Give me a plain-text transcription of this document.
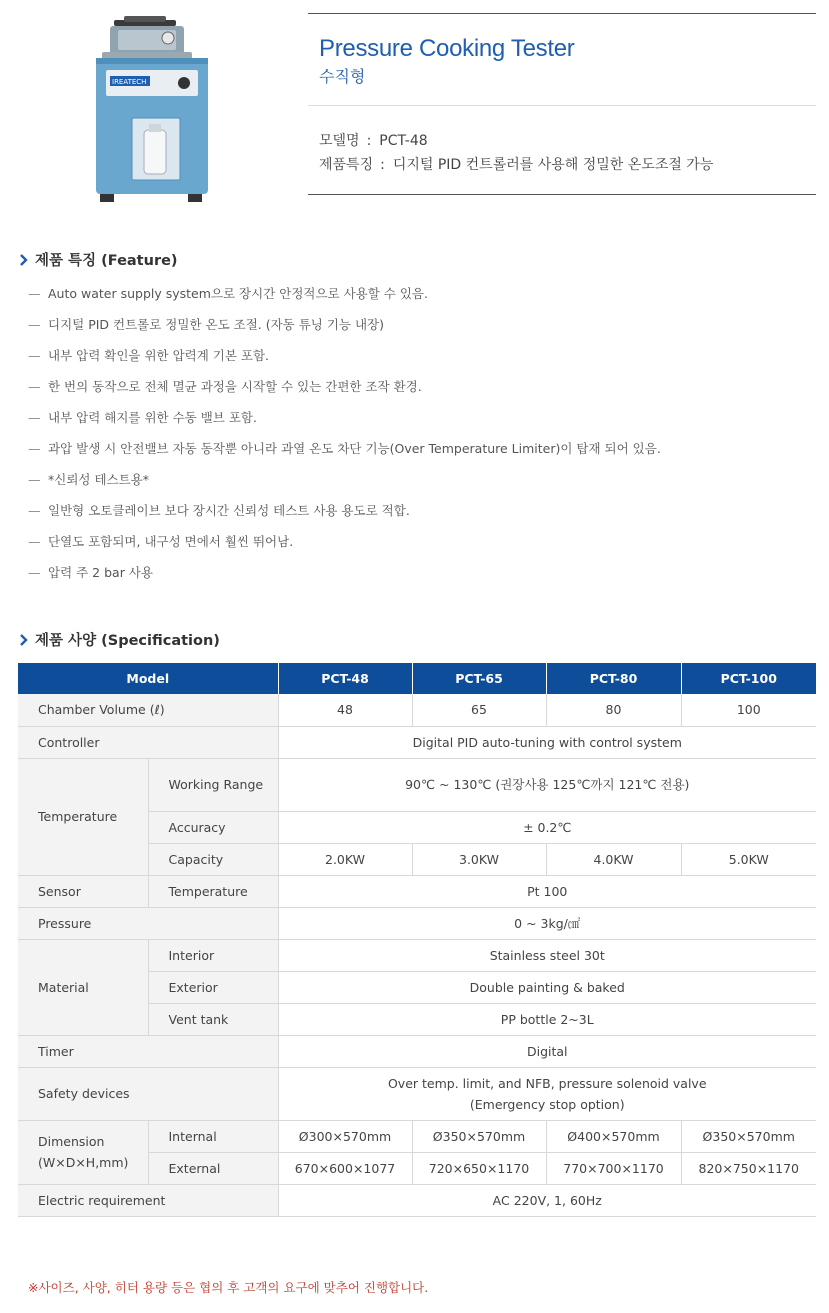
IREATECH
Pressure Cooking Tester
수직형
모델명 : PCT-48
제품특징 : 디지털 PID 컨트롤러를 사용해 정밀한 온도조절 가능
제품 특징 (Feature)
— Auto water supply system으로 장시간 안정적으로 사용할 수 있음.
— 디지털 PID 컨트롤로 정밀한 온도 조절. (자동 튜닝 기능 내장)
— 내부 압력 확인을 위한 압력계 기본 포함.
— 한 번의 동작으로 전체 멸균 과정을 시작할 수 있는 간편한 조작 환경.
— 내부 압력 해지를 위한 수동 밸브 포함.
— 과압 발생 시 안전밸브 자동 동작뿐 아니라 과열 온도 차단 기능(Over Temperature Limiter)이 탑재 되어 있음.
— *신뢰성 테스트용*
— 일반형 오토클레이브 보다 장시간 신뢰성 테스트 사용 용도로 적합.
— 단열도 포함되며, 내구성 면에서 훨씬 뛰어남.
— 압력 주 2 bar 사용
제품 사양 (Specification)
Model		PCT-48	PCT-65	PCT-80	PCT-100
Chamber Volume (ℓ)		48	65	80	100
Controller		Digital PID auto-tuning with control system			
Temperature	Working Range	90℃ ~ 130℃ (권장사용 125℃까지 121℃ 전용)			
	Accuracy	± 0.2℃			
	Capacity	2.0KW	3.0KW	4.0KW	5.0KW
Sensor	Temperature	Pt 100			
Pressure		0 ~ 3kg/㎠			
Material	Interior	Stainless steel 30t			
	Exterior	Double painting & baked			
	Vent tank	PP bottle 2~3L			
Timer		Digital			
Safety devices		Over temp. limit, and NFB, pressure solenoid valve
(Emergency stop option)			

Dimension
(W×D×H,mm)	Internal	Ø300×570mm	Ø350×570mm	Ø400×570mm	Ø350×570mm
	External	670×600×1077	720×650×1170	770×700×1170	820×750×1170
Electric requirement		AC 220V, 1, 60Hz			
※사이즈, 사양, 히터 용량 등은 협의 후 고객의 요구에 맞추어 진행합니다.
